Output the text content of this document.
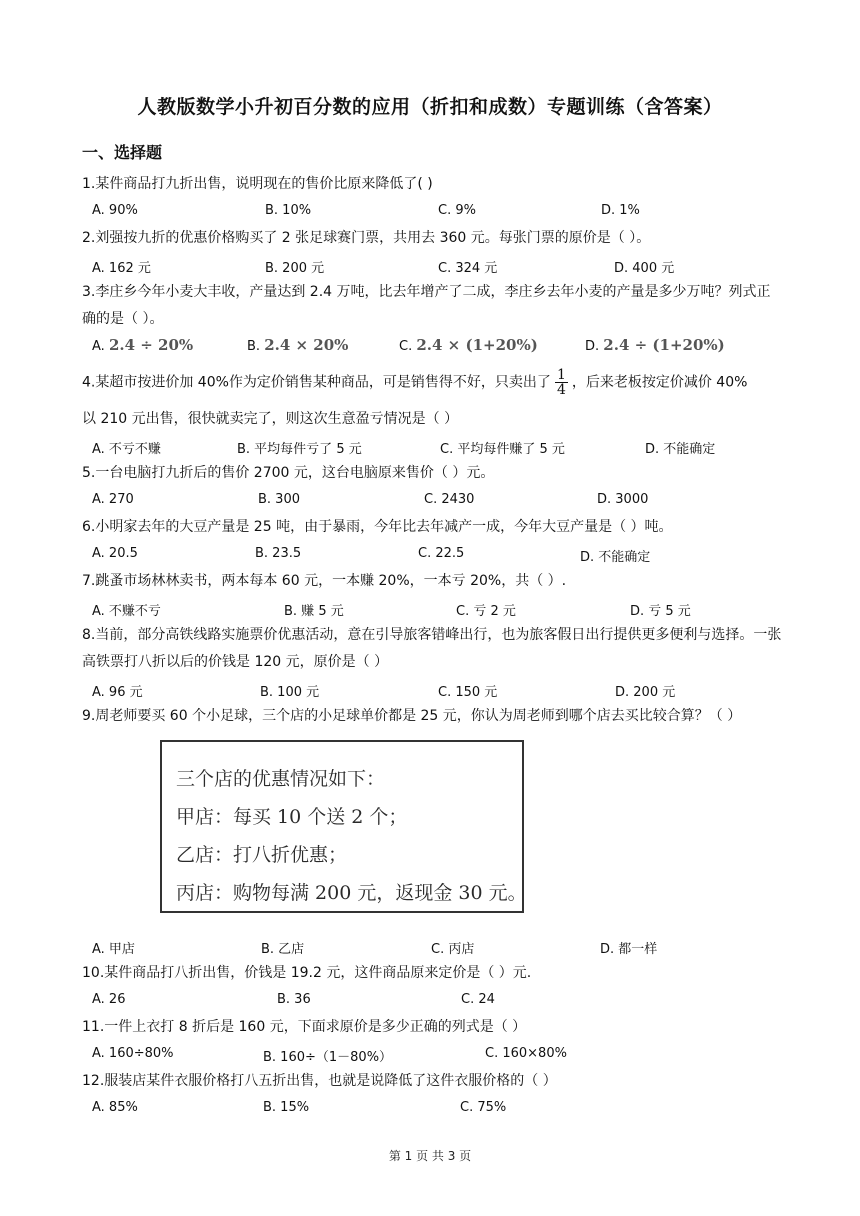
人教版数学小升初百分数的应用（折扣和成数）专题训练（含答案）
一、选择题
1.某件商品打九折出售，说明现在的售价比原来降低了( )
A. 90%	B. 10%	C. 9%	D. 1%
2.刘强按九折的优惠价格购买了 2 张足球赛门票，共用去 360 元。每张门票的原价是（ ）。
A. 162 元	B. 200 元	C. 324 元	D. 400 元
3.李庄乡今年小麦大丰收，产量达到 2.4 万吨，比去年增产了二成，李庄乡去年小麦的产量是多少万吨？列式正确的是（ ）。
A. 2.4 ÷ 20%	B. 2.4 × 20%	C. 2.4 × (1+20%)	D. 2.4 ÷ (1+20%)
4.某超市按进价加 40%作为定价销售某种商品，可是销售得不好，只卖出了 $\frac{1}{4}$ ，后来老板按定价减价 40%
以 210 元出售，很快就卖完了，则这次生意盈亏情况是（ ）
A. 不亏不赚	B. 平均每件亏了 5 元	C. 平均每件赚了 5 元	D. 不能确定
5.一台电脑打九折后的售价 2700 元，这台电脑原来售价（ ）元。
A. 270	B. 300	C. 2430	D. 3000
6.小明家去年的大豆产量是 25 吨，由于暴雨，今年比去年减产一成，今年大豆产量是（ ）吨。
A. 20.5	B. 23.5	C. 22.5	D. 不能确定
7.跳蚤市场林林卖书，两本每本 60 元，一本赚 20%，一本亏 20%，共（ ）.
A. 不赚不亏	B. 赚 5 元	C. 亏 2 元	D. 亏 5 元
8.当前，部分高铁线路实施票价优惠活动，意在引导旅客错峰出行，也为旅客假日出行提供更多便利与选择。一张高铁票打八折以后的价钱是 120 元，原价是（ ）
A. 96 元	B. 100 元	C. 150 元	D. 200 元
9.周老师要买 60 个小足球，三个店的小足球单价都是 25 元，你认为周老师到哪个店去买比较合算？（ ）
三个店的优惠情况如下：
甲店：每买 10 个送 2 个；
乙店：打八折优惠；
丙店：购物每满 200 元，返现金 30 元。
A. 甲店	B. 乙店	C. 丙店	D. 都一样
10.某件商品打八折出售，价钱是 19.2 元，这件商品原来定价是（ ）元.
A. 26	B. 36	C. 24
11.一件上衣打 8 折后是 160 元，下面求原价是多少正确的列式是（ ）
A. 160÷80%	B. 160÷（1－80%）	C. 160×80%
12.服装店某件衣服价格打八五折出售，也就是说降低了这件衣服价格的（ ）
A. 85%	B. 15%	C. 75%
第 1 页 共 3 页
